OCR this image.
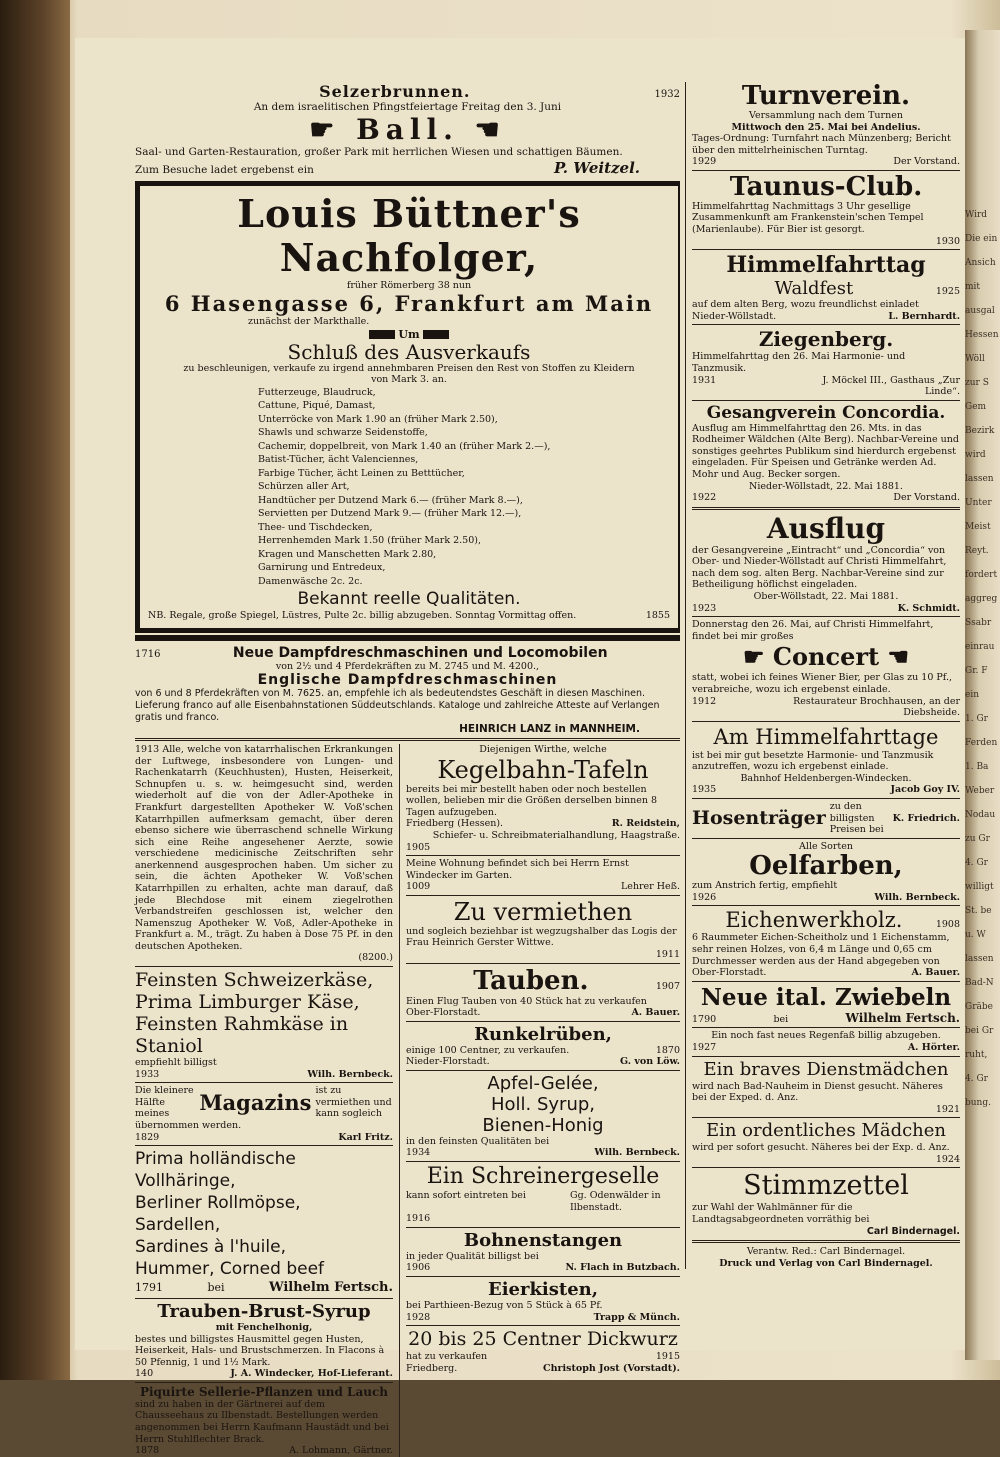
Wird
Die ein
Ansich
mit
ausgal
Hessen
Wöll
zur S
Gem
Bezirk
wird
lassen
Unter
Meist
Reyt.
fordert
aggreg
Ssabr
einrau
Gr. F
ein
1. Gr
Ferden
1. Ba
Weber
Nodau
zu Gr
4. Gr
willigt
St. be
u. W
lassen
Bad-N
Gräbe
bei Gr
ruht,
4. Gr
bung.
Selzerbrunnen.	1932
An dem israelitischen Pfingstfeiertage Freitag den 3. Juni
☛ Ball. ☚
Saal- und Garten-Restauration, großer Park mit herrlichen Wiesen und schattigen Bäumen.
Zum Besuche ladet ergebenst ein	P. Weitzel.
Louis Büttner's Nachfolger,
früher Römerberg 38 nun
6 Hasengasse 6, Frankfurt am Main
zunächst der Markthalle.
Um
Schluß des Ausverkaufs
zu beschleunigen, verkaufe zu irgend annehmbaren Preisen den Rest von Stoffen zu Kleidern
von Mark 3. an.
Futterzeuge, Blaudruck,
Cattune, Piqué, Damast,
Unterröcke von Mark 1.90 an (früher Mark 2.50),
Shawls und schwarze Seidenstoffe,
Cachemir, doppelbreit, von Mark 1.40 an (früher Mark 2.—),
Batist-Tücher, ächt Valenciennes,
Farbige Tücher, ächt Leinen zu Betttücher,
Schürzen aller Art,
Handtücher per Dutzend Mark 6.— (früher Mark 8.—),
Servietten per Dutzend Mark 9.— (früher Mark 12.—),
Thee- und Tischdecken,
Herrenhemden Mark 1.50 (früher Mark 2.50),
Kragen und Manschetten Mark 2.80,
Garnirung und Entredeux,
Damenwäsche 2c. 2c.
Bekannt reelle Qualitäten.
NB. Regale, große Spiegel, Lüstres, Pulte 2c. billig abzugeben. Sonntag Vormittag offen.	1855
1716	Neue Dampfdreschmaschinen und Locomobilen
von 2½ und 4 Pferdekräften zu M. 2745 und M. 4200.,
Englische Dampfdreschmaschinen
von 6 und 8 Pferdekräften von M. 7625. an, empfehle ich als bedeutendstes Geschäft in diesen Maschinen. Lieferung franco auf alle Eisenbahnstationen Süddeutschlands. Kataloge und zahlreiche Atteste auf Verlangen gratis und franco.
HEINRICH LANZ in MANNHEIM.
1913 Alle, welche von katarrhalischen Erkrankungen der Luftwege, insbesondere von Lungen- und Rachenkatarrh (Keuchhusten), Husten, Heiserkeit, Schnupfen u. s. w. heimgesucht sind, werden wiederholt auf die von der Adler-Apotheke in Frankfurt dargestellten Apotheker W. Voß'schen Katarrhpillen aufmerksam gemacht, über deren ebenso sichere wie überraschend schnelle Wirkung sich eine Reihe angesehener Aerzte, sowie verschiedene medicinische Zeitschriften sehr anerkennend ausgesprochen haben. Um sicher zu sein, die ächten Apotheker W. Voß'schen Katarrhpillen zu erhalten, achte man darauf, daß jede Blechdose mit einem ziegelrothen Verbandstreifen geschlossen ist, welcher den Namenszug Apotheker W. Voß, Adler-Apotheke in Frankfurt a. M., trägt. Zu haben à Dose 75 Pf. in den deutschen Apotheken.
(8200.)
Feinsten Schweizerkäse,
Prima Limburger Käse,
Feinsten Rahmkäse in Staniol
empfiehlt billigst
1933	Wilh. Bernbeck.
Die kleinere Hälfte meines	Magazins ist zu vermiethen und kann sogleich
übernommen werden.
1829	Karl Fritz.
Prima holländische Vollhäringe,
Berliner Rollmöpse,
Sardellen,
Sardines à l'huile,
Hummer, Corned beef
1791	bei	Wilhelm Fertsch.
Trauben-Brust-Syrup
mit Fenchelhonig,
bestes und billigstes Hausmittel gegen Husten, Heiserkeit, Hals- und Brustschmerzen. In Flacons à 50 Pfennig, 1 und 1½ Mark.
140	J. A. Windecker, Hof-Lieferant.
Piquirte Sellerie-Pflanzen und Lauch
sind zu haben in der Gärtnerei auf dem Chausseehaus zu Ilbenstadt. Bestellungen werden angenommen bei Herrn Kaufmann Haustädt und bei Herrn Stuhlflechter Brack.
1878	A. Lohmann, Gärtner.
Diejenigen Wirthe, welche
Kegelbahn-Tafeln
bereits bei mir bestellt haben oder noch bestellen wollen, belieben mir die Größen derselben binnen 8 Tagen aufzugeben.
Friedberg (Hessen).	R. Reidstein,
Schiefer- u. Schreibmaterialhandlung, Haagstraße.
1905
Meine Wohnung befindet sich bei Herrn Ernst Windecker im Garten.
1009	Lehrer Heß.
Zu vermiethen
und sogleich beziehbar ist wegzugshalber das Logis der Frau Heinrich Gerster Wittwe.
1911
Tauben.	1907
Einen Flug Tauben von 40 Stück hat zu verkaufen
Ober-Florstadt.	A. Bauer.
Runkelrüben,
einige 100 Centner, zu verkaufen.	1870
Nieder-Florstadt.	G. von Löw.
Apfel-Gelée,
Holl. Syrup,
Bienen-Honig
in den feinsten Qualitäten bei
1934	Wilh. Bernbeck.
Ein Schreinergeselle
kann sofort eintreten bei	Gg. Odenwälder in Ilbenstadt.
1916
Bohnenstangen
in jeder Qualität billigst bei
1906	N. Flach in Butzbach.
Eierkisten,
bei Parthieen-Bezug von 5 Stück à 65 Pf.
1928	Trapp & Münch.
20 bis 25 Centner Dickwurz
hat zu verkaufen	1915
Friedberg.	Christoph Jost (Vorstadt).
Turnverein.
Versammlung nach dem Turnen
Mittwoch den 25. Mai bei Andelius.
Tages-Ordnung: Turnfahrt nach Münzenberg; Bericht über den mittelrheinischen Turntag.
1929	Der Vorstand.
Taunus-Club.
Himmelfahrttag Nachmittags 3 Uhr gesellige Zusammenkunft am Frankenstein'schen Tempel (Marienlaube). Für Bier ist gesorgt.
1930
Himmelfahrttag
Waldfest	1925
auf dem alten Berg, wozu freundlichst einladet
Nieder-Wöllstadt.	L. Bernhardt.
Ziegenberg.
Himmelfahrttag den 26. Mai Harmonie- und Tanzmusik.
1931	J. Möckel III., Gasthaus „Zur Linde“.
Gesangverein Concordia.
Ausflug am Himmelfahrttag den 26. Mts. in das Rodheimer Wäldchen (Alte Berg). Nachbar-Vereine und sonstiges geehrtes Publikum sind hierdurch ergebenst eingeladen. Für Speisen und Getränke werden Ad. Mohr und Aug. Becker sorgen.
Nieder-Wöllstadt, 22. Mai 1881.
1922	Der Vorstand.
Ausflug
der Gesangvereine „Eintracht“ und „Concordia“ von Ober- und Nieder-Wöllstadt auf Christi Himmelfahrt, nach dem sog. alten Berg. Nachbar-Vereine sind zur Betheiligung höflichst eingeladen.
Ober-Wöllstadt, 22. Mai 1881.
1923	K. Schmidt.
Donnerstag den 26. Mai, auf Christi Himmelfahrt, findet bei mir großes
☛ Concert ☚
statt, wobei ich feines Wiener Bier, per Glas zu 10 Pf., verabreiche, wozu ich ergebenst einlade.
1912	Restaurateur Brochhausen, an der Diebsheide.
Am Himmelfahrttage
ist bei mir gut besetzte Harmonie- und Tanzmusik anzutreffen, wozu ich ergebenst einlade.
Bahnhof Heldenbergen-Windecken.
1935	Jacob Goy IV.
Hosenträger
zu den billigsten Preisen bei
K. Friedrich.
Alle Sorten
Oelfarben,
zum Anstrich fertig, empfiehlt
1926	Wilh. Bernbeck.
Eichenwerkholz.	1908
6 Raummeter Eichen-Scheitholz und 1 Eichenstamm, sehr reinen Holzes, von 6,4 m Länge und 0,65 cm Durchmesser werden aus der Hand abgegeben von
Ober-Florstadt.	A. Bauer.
Neue ital. Zwiebeln
1790	bei	Wilhelm Fertsch.
Ein noch fast neues Regenfaß billig abzugeben.
1927	A. Hörter.
Ein braves Dienstmädchen
wird nach Bad-Nauheim in Dienst gesucht. Näheres bei der Exped. d. Anz.
1921
Ein ordentliches Mädchen
wird per sofort gesucht. Näheres bei der Exp. d. Anz.
1924
Stimmzettel
zur Wahl der Wahlmänner für die Landtagsabgeordneten vorräthig bei
Carl Bindernagel.
Verantw. Red.: Carl Bindernagel.
Druck und Verlag von Carl Bindernagel.
